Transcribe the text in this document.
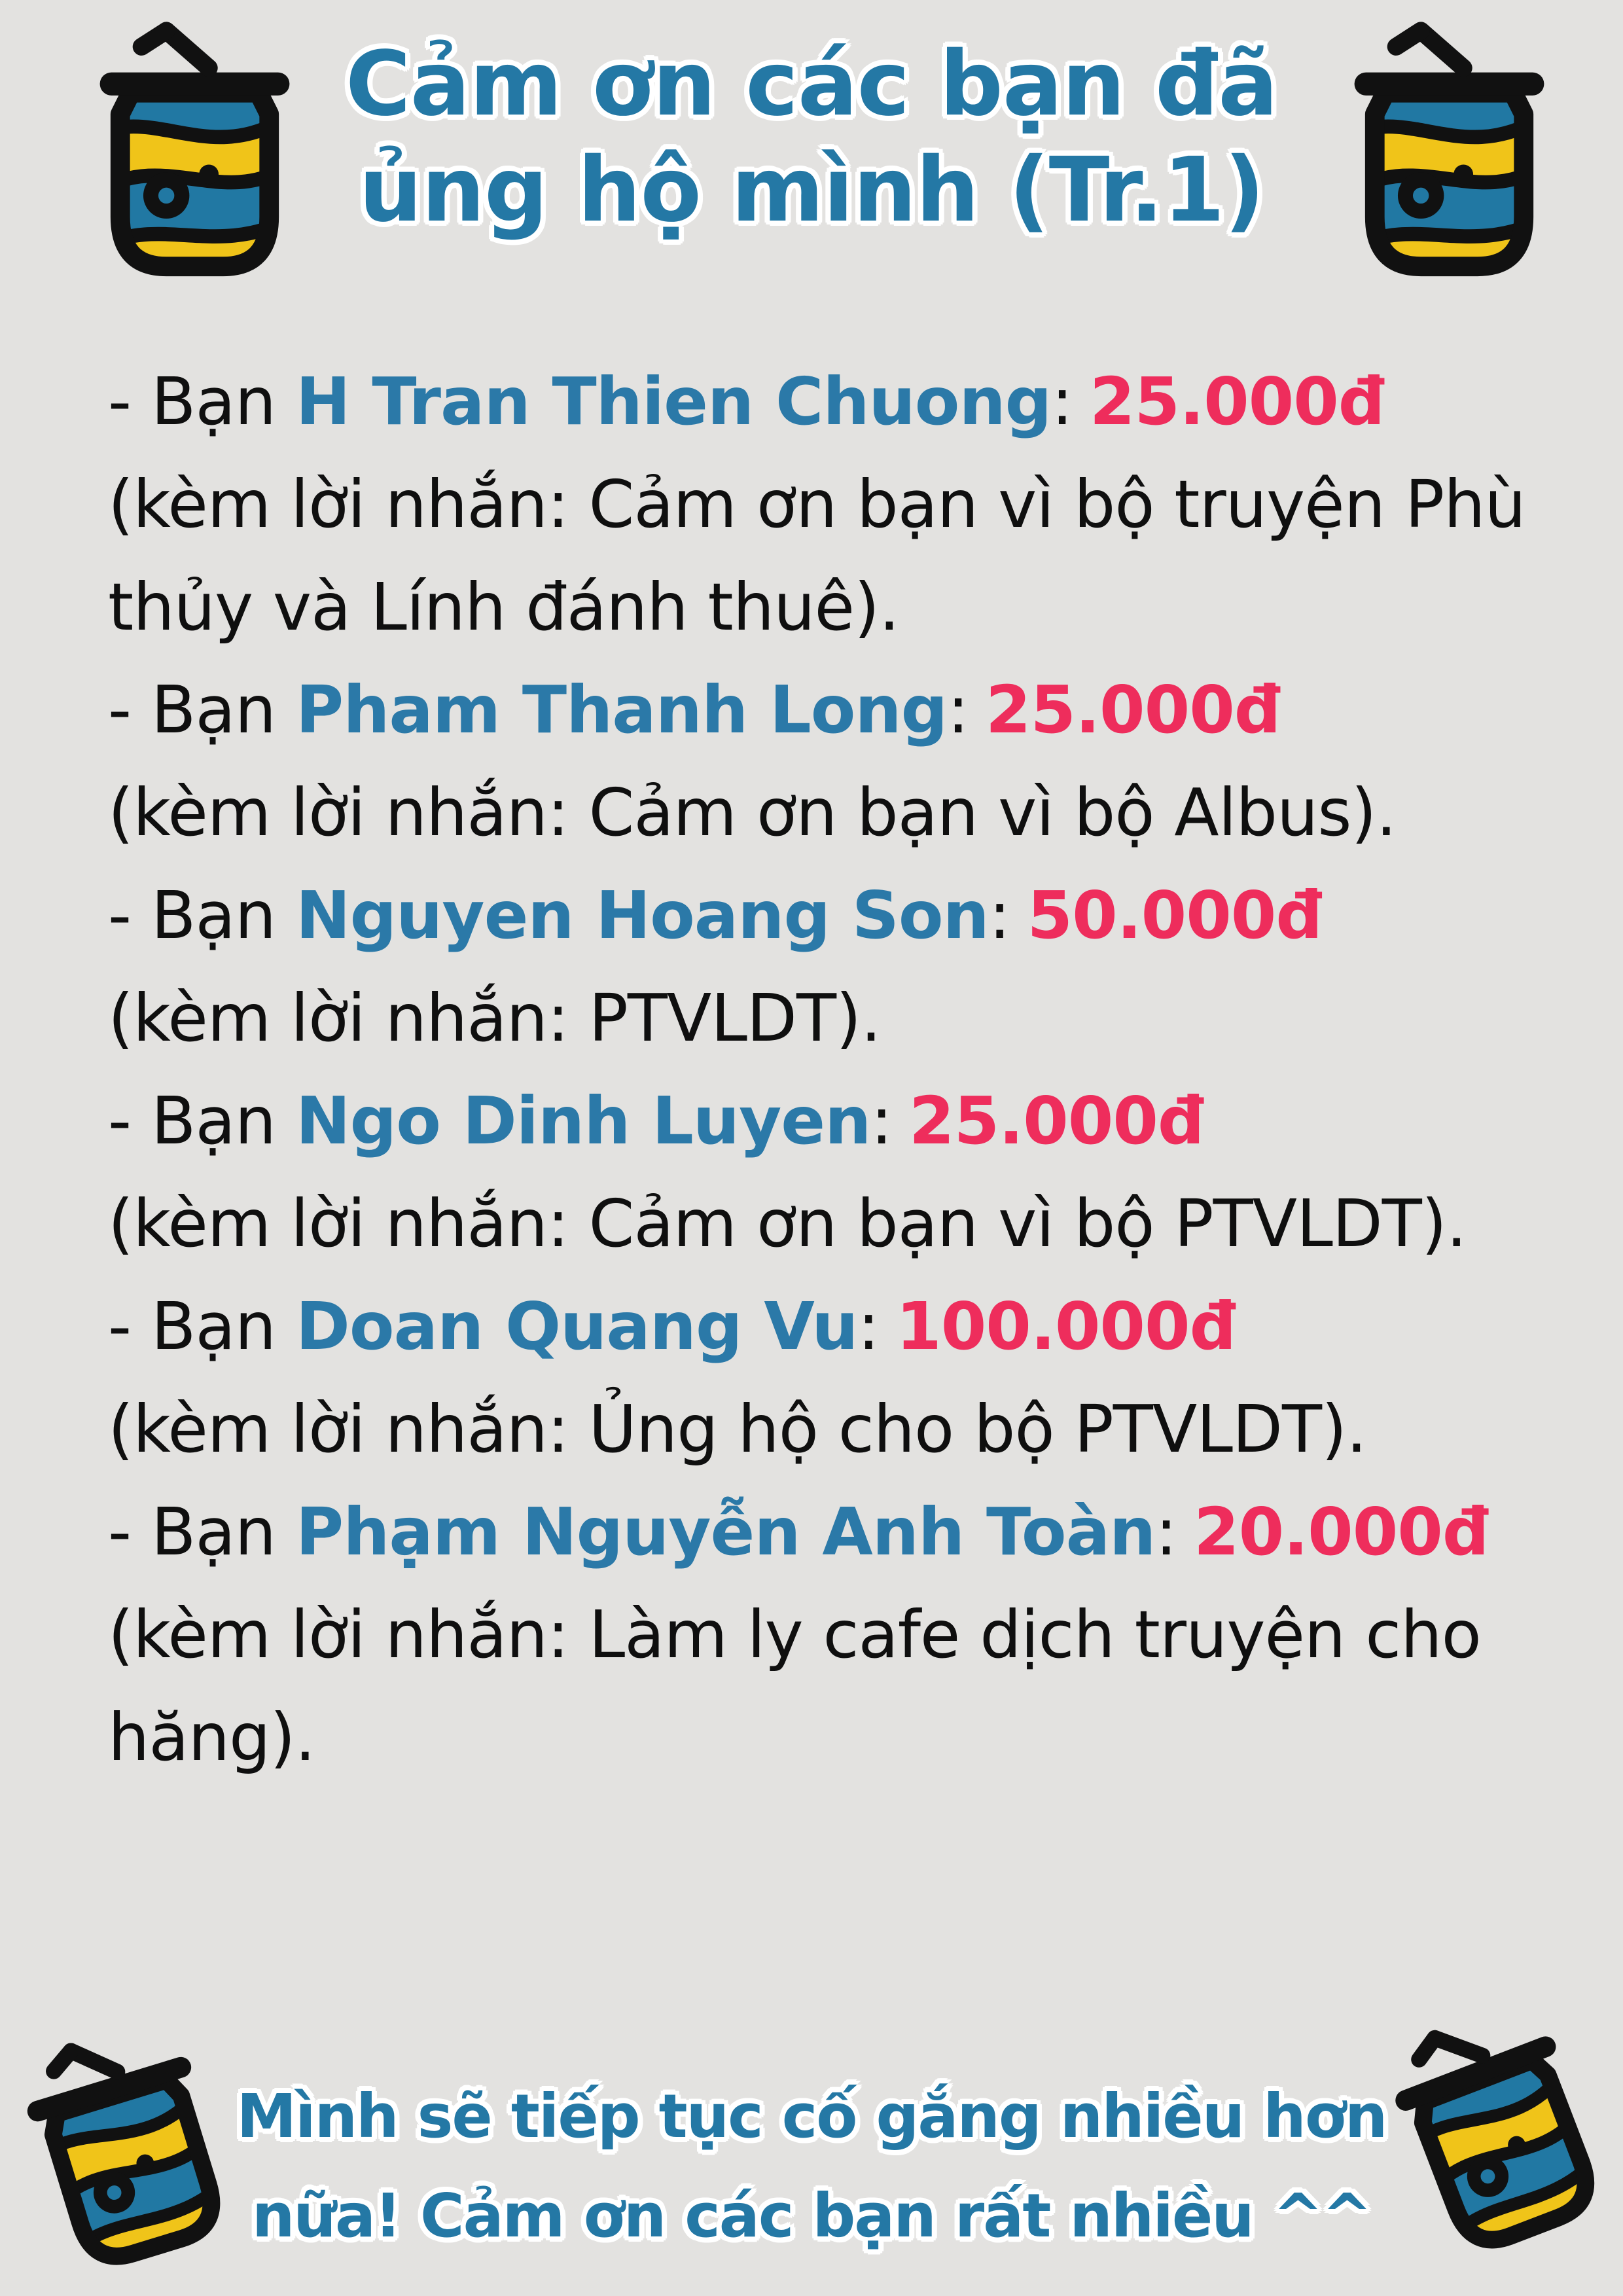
Cảm ơn các bạn đã
ủng hộ mình (Tr.1)

- Bạn H Tran Thien Chuong: 25.000đ

(kèm lời nhắn: Cảm ơn bạn vì bộ truyện Phù thủy và Lính đánh thuê).

- Bạn Pham Thanh Long: 25.000đ

(kèm lời nhắn: Cảm ơn bạn vì bộ Albus).

- Bạn Nguyen Hoang Son: 50.000đ

(kèm lời nhắn: PTVLDT).

- Bạn Ngo Dinh Luyen: 25.000đ

(kèm lời nhắn: Cảm ơn bạn vì bộ PTVLDT).

- Bạn Doan Quang Vu: 100.000đ

(kèm lời nhắn: Ủng hộ cho bộ PTVLDT).

- Bạn Phạm Nguyễn Anh Toàn: 20.000đ

(kèm lời nhắn: Làm ly cafe dịch truyện cho hăng).

Mình sẽ tiếp tục cố gắng nhiều hơn
nữa! Cảm ơn các bạn rất nhiều ^^
